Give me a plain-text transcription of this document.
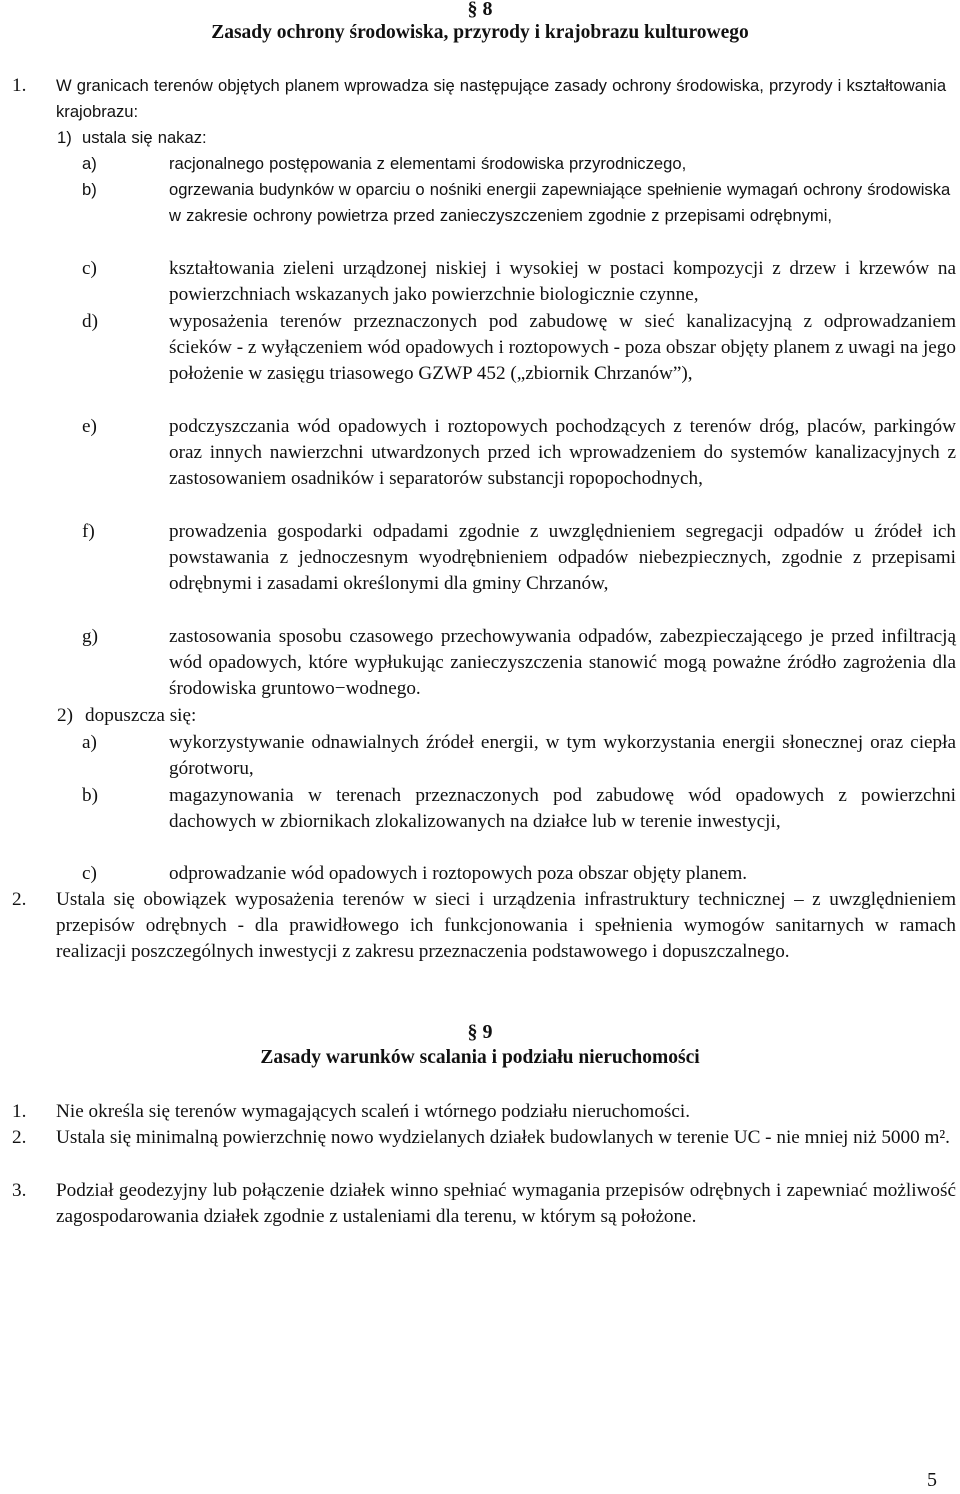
§ 8
Zasady ochrony środowiska, przyrody i krajobrazu kulturowego
1. W granicach terenów objętych planem wprowadza się następujące zasady ochrony środowiska, przyrody i kształtowania krajobrazu:
1) ustala się nakaz:
a)	racjonalnego postępowania z elementami środowiska przyrodniczego,
b)	ogrzewania budynków w oparciu o nośniki energii zapewniające spełnienie wymagań ochrony środowiska w zakresie ochrony powietrza przed zanieczyszczeniem zgodnie z przepisami odrębnymi,
c)	kształtowania zieleni urządzonej niskiej i wysokiej w postaci kompozycji z drzew i krzewów na powierzchniach wskazanych jako powierzchnie biologicznie czynne,
d)	wyposażenia terenów przeznaczonych pod zabudowę w sieć kanalizacyjną z odprowadzaniem ścieków - z wyłączeniem wód opadowych i roztopowych - poza obszar objęty planem z uwagi na jego położenie w zasięgu triasowego GZWP 452 („zbiornik Chrzanów”),
e)	podczyszczania wód opadowych i roztopowych pochodzących z terenów dróg, placów, parkingów oraz innych nawierzchni utwardzonych przed ich wprowadzeniem do systemów kanalizacyjnych z zastosowaniem osadników i separatorów substancji ropopochodnych,
f)	prowadzenia gospodarki odpadami zgodnie z uwzględnieniem segregacji odpadów u źródeł ich powstawania z jednoczesnym wyodrębnieniem odpadów niebezpiecznych, zgodnie z przepisami odrębnymi i zasadami określonymi dla gminy Chrzanów,
g)	zastosowania sposobu czasowego przechowywania odpadów, zabezpieczającego je przed infiltracją wód opadowych, które wypłukując zanieczyszczenia stanowić mogą poważne źródło zagrożenia dla środowiska gruntowo−wodnego.
2) dopuszcza się:
a)	wykorzystywanie odnawialnych źródeł energii, w tym wykorzystania energii słonecznej oraz ciepła górotworu,
b)	magazynowania w terenach przeznaczonych pod zabudowę wód opadowych z powierzchni dachowych w zbiornikach zlokalizowanych na działce lub w terenie inwestycji,
c)	odprowadzanie wód opadowych i roztopowych poza obszar objęty planem.
2. Ustala się obowiązek wyposażenia terenów w sieci i urządzenia infrastruktury technicznej – z uwzględnieniem przepisów odrębnych - dla prawidłowego ich funkcjonowania i spełnienia wymogów sanitarnych w ramach realizacji poszczególnych inwestycji z zakresu przeznaczenia podstawowego i dopuszczalnego.
§ 9
Zasady warunków scalania i podziału nieruchomości
1. Nie określa się terenów wymagających scaleń i wtórnego podziału nieruchomości.
2. Ustala się minimalną powierzchnię nowo wydzielanych działek budowlanych w terenie UC - nie mniej niż 5000 m².
3. Podział geodezyjny lub połączenie działek winno spełniać wymagania przepisów odrębnych i zapewniać możliwość zagospodarowania działek zgodnie z ustaleniami dla terenu, w którym są położone.
5
